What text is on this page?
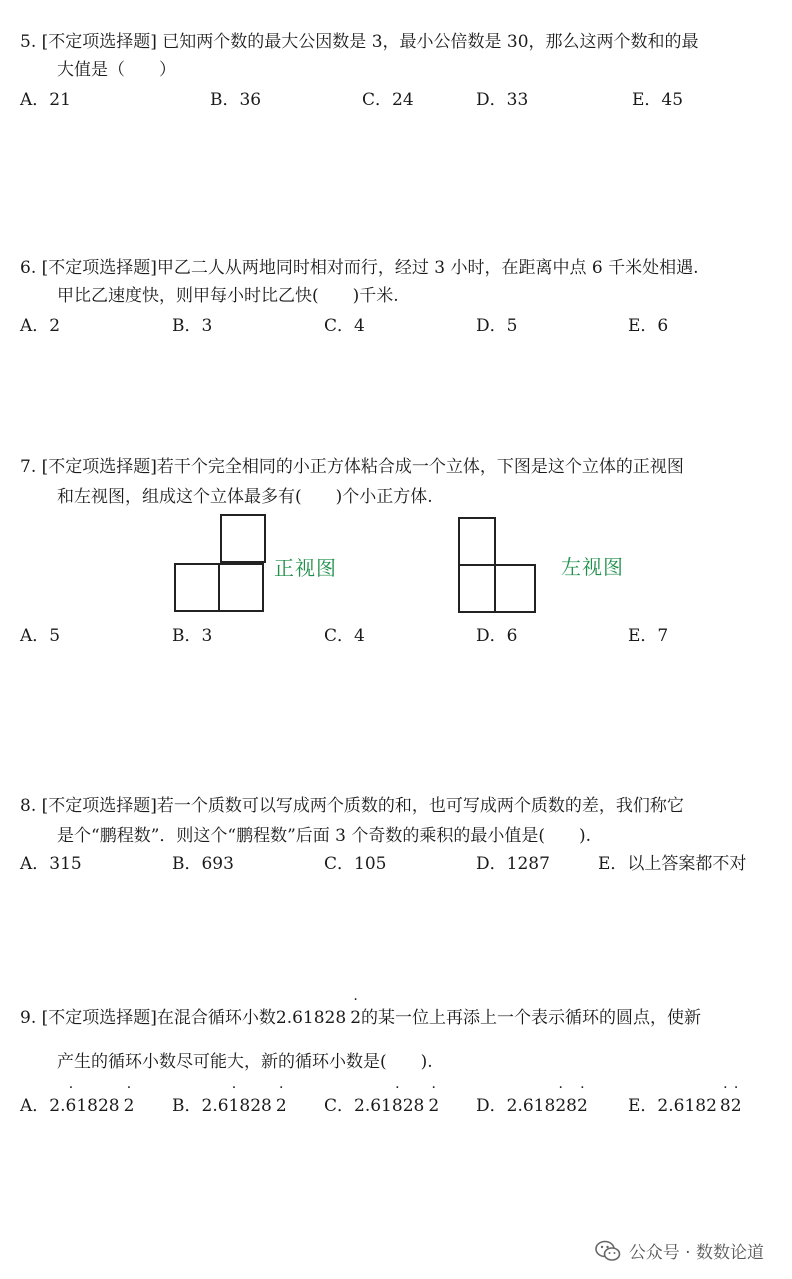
5. [不定项选择题] 已知两个数的最大公因数是 3，最小公倍数是 30，那么这两个数和的最
大值是（　　）
A．21	B．36	C．24	D．33	E．45
6. [不定项选择题]甲乙二人从两地同时相对而行，经过 3 小时，在距离中点 6 千米处相遇.
甲比乙速度快，则甲每小时比乙快(　　)千米.
A．2	B．3	C．4	D．5	E．6
7. [不定项选择题]若干个完全相同的小正方体粘合成一个立体，下图是这个立体的正视图
和左视图，组成这个立体最多有(　　)个小正方体.
正视图	左视图
A．5	B．3	C．4	D．6	E．7
8. [不定项选择题]若一个质数可以写成两个质数的和，也可写成两个质数的差，我们称它
是个“鹏程数”．则这个“鹏程数”后面 3 个奇数的乘积的最小值是(　　).
A．315	B．693	C．105	D．1287	E．以上答案都不对
9. [不定项选择题]在混合循环小数2.61828
·
2的某一位上再添上一个表示循环的圆点，使新
产生的循环小数尽可能大，新的循环小数是(　　).
A．2.
·
61828
·
2 B．2.6
·
1828
·
2 C．2.61
·
828
·
2 D．2.618
·
28
·
2 E．2.6182
·
8
·
2
公众号 · 数数论道
